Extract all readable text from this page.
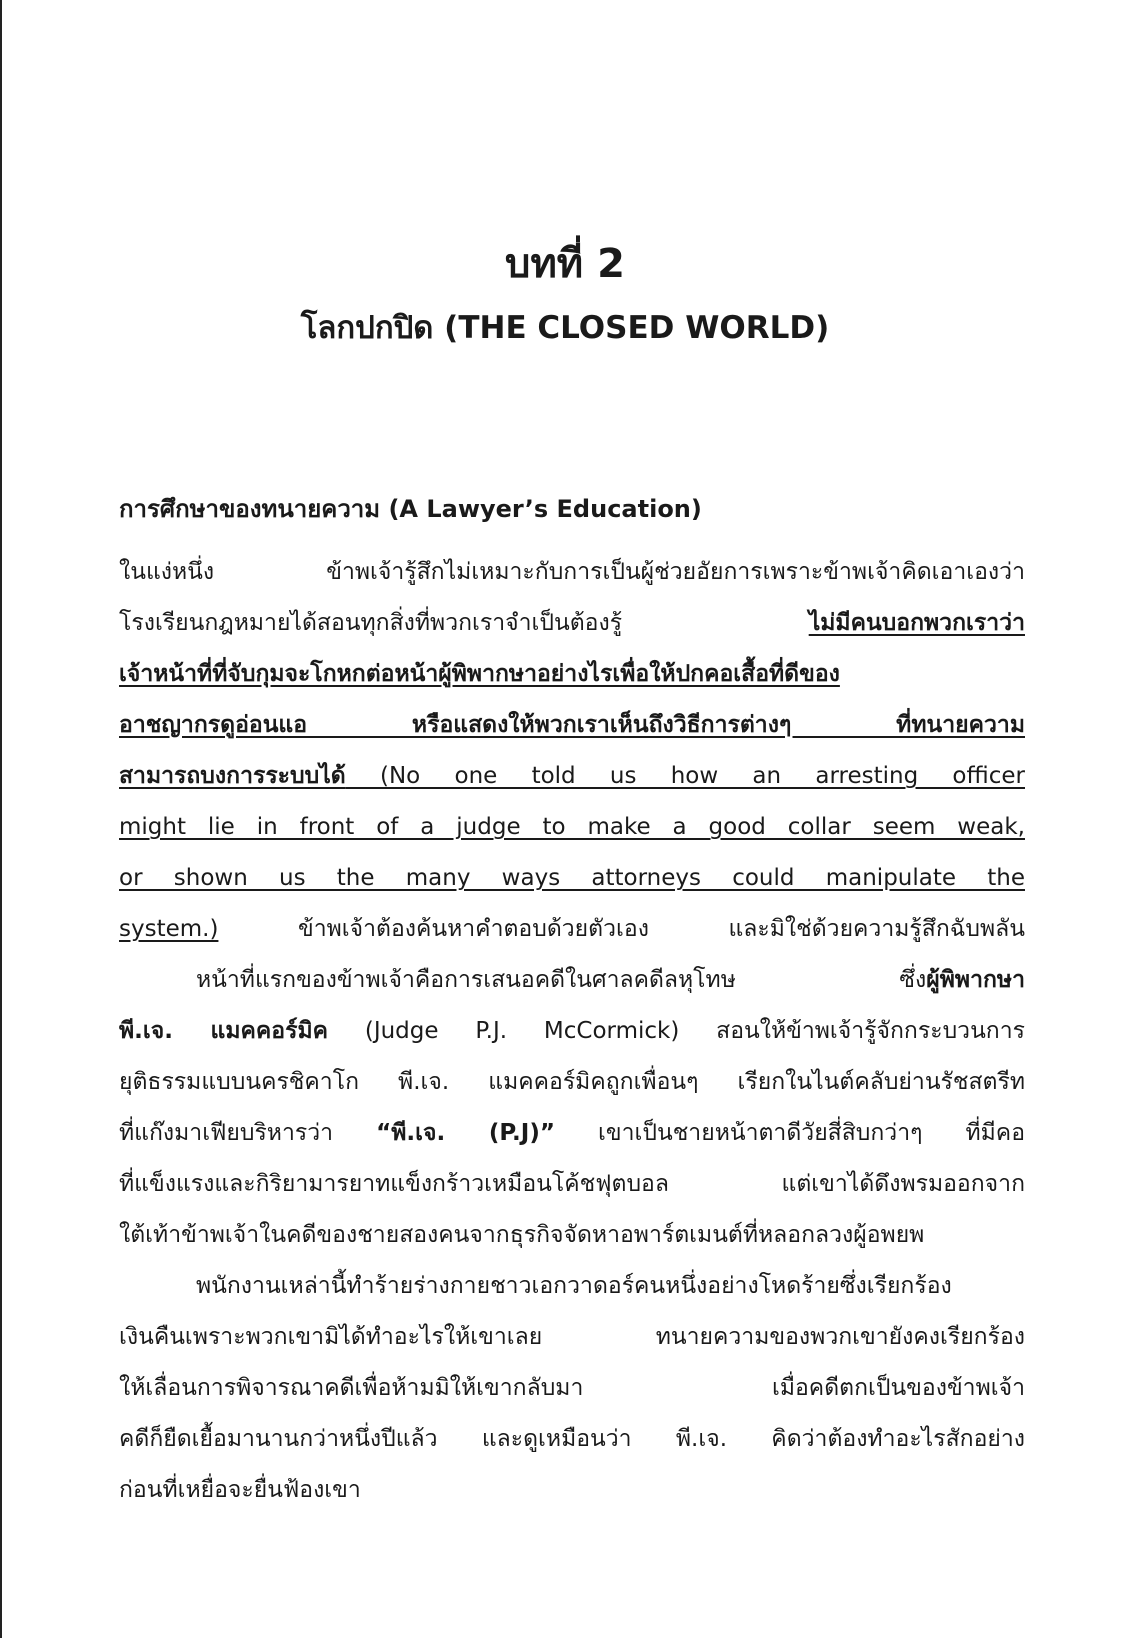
บทที่ 2
โลกปกปิด (THE CLOSED WORLD)
การศึกษาของทนายความ (A Lawyer’s Education)
ในแง่หนึ่ง ข้าพเจ้ารู้สึกไม่เหมาะกับการเป็นผู้ช่วยอัยการเพราะข้าพเจ้าคิดเอาเองว่า
โรงเรียนกฎหมายได้สอนทุกสิ่งที่พวกเราจำเป็นต้องรู้ ไม่มีคนบอกพวกเราว่า
เจ้าหน้าที่ที่จับกุมจะโกหกต่อหน้าผู้พิพากษาอย่างไรเพื่อให้ปกคอเสื้อที่ดีของ
อาชญากรดูอ่อนแอ หรือแสดงให้พวกเราเห็นถึงวิธีการต่างๆ ที่ทนายความ
สามารถบงการระบบได้ (No one told us how an arresting officer
might lie in front of a judge to make a good collar seem weak,
or shown us the many ways attorneys could manipulate the
system.) ข้าพเจ้าต้องค้นหาคำตอบด้วยตัวเอง และมิใช่ด้วยความรู้สึกฉับพลัน
หน้าที่แรกของข้าพเจ้าคือการเสนอคดีในศาลคดีลหุโทษ ซึ่งผู้พิพากษา
พี.เจ. แมคคอร์มิค (Judge P.J. McCormick) สอนให้ข้าพเจ้ารู้จักกระบวนการ
ยุติธรรมแบบนครชิคาโก พี.เจ. แมคคอร์มิคถูกเพื่อนๆ เรียกในไนต์คลับย่านรัชสตรีท
ที่แก๊งมาเฟียบริหารว่า “พี.เจ. (P.J)” เขาเป็นชายหน้าตาดีวัยสี่สิบกว่าๆ ที่มีคอ
ที่แข็งแรงและกิริยามารยาทแข็งกร้าวเหมือนโค้ชฟุตบอล แต่เขาได้ดึงพรมออกจาก
ใต้เท้าข้าพเจ้าในคดีของชายสองคนจากธุรกิจจัดหาอพาร์ตเมนต์ที่หลอกลวงผู้อพยพ
พนักงานเหล่านี้ทำร้ายร่างกายชาวเอกวาดอร์คนหนึ่งอย่างโหดร้ายซึ่งเรียกร้อง
เงินคืนเพราะพวกเขามิได้ทำอะไรให้เขาเลย ทนายความของพวกเขายังคงเรียกร้อง
ให้เลื่อนการพิจารณาคดีเพื่อห้ามมิให้เขากลับมา เมื่อคดีตกเป็นของข้าพเจ้า
คดีก็ยืดเยื้อมานานกว่าหนึ่งปีแล้ว และดูเหมือนว่า พี.เจ. คิดว่าต้องทำอะไรสักอย่าง
ก่อนที่เหยื่อจะยื่นฟ้องเขา
